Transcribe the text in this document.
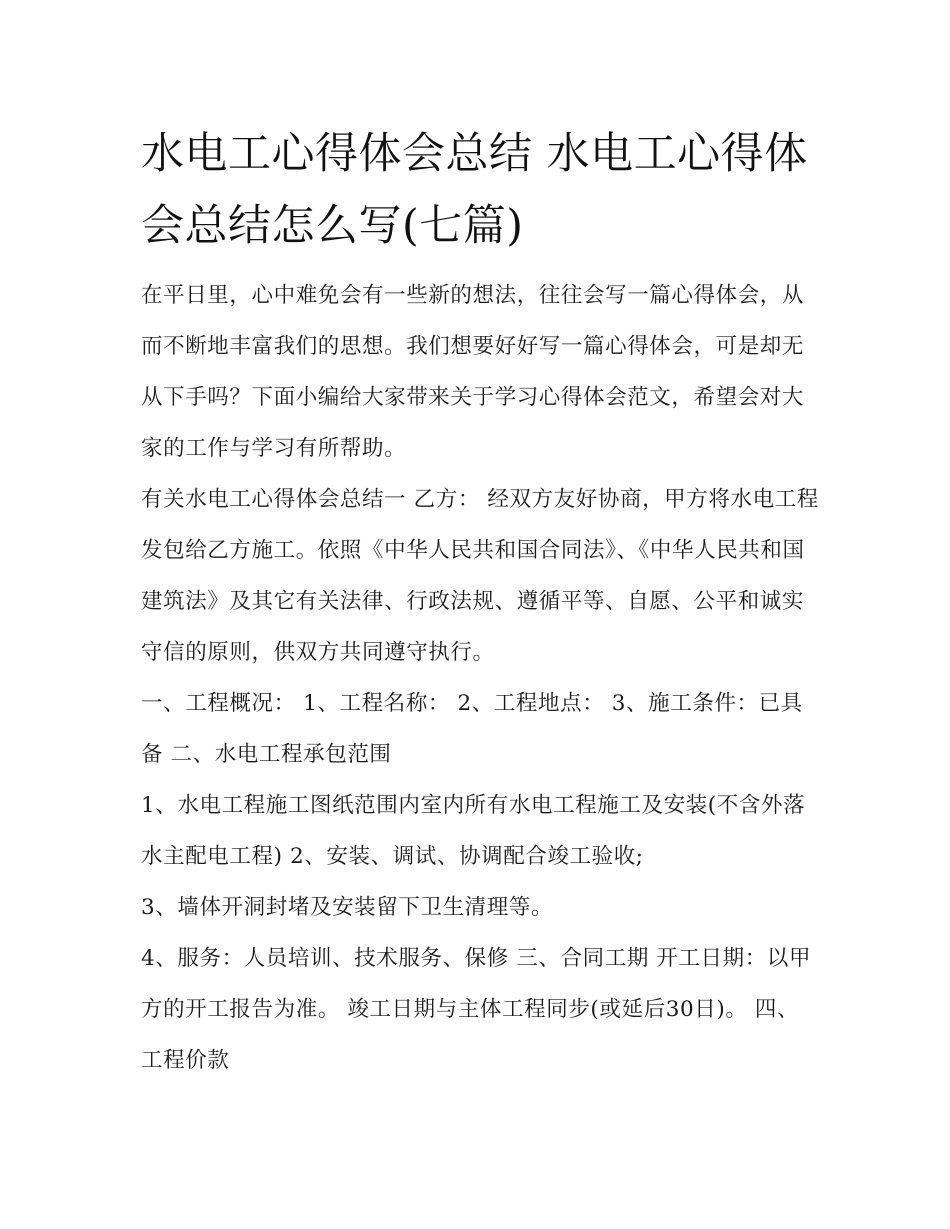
水电工心得体会总结 水电工心得体会总结怎么写(七篇)

在平日里，心中难免会有一些新的想法，往往会写一篇心得体会，从而不断地丰富我们的思想。我们想要好好写一篇心得体会，可是却无从下手吗？下面小编给大家带来关于学习心得体会范文，希望会对大家的工作与学习有所帮助。

有关水电工心得体会总结一 乙方： 经双方友好协商，甲方将水电工程发包给乙方施工。依照《中华人民共和国合同法》、《中华人民共和国建筑法》及其它有关法律、行政法规、遵循平等、自愿、公平和诚实守信的原则，供双方共同遵守执行。

一、工程概况： 1、工程名称： 2、工程地点： 3、施工条件：已具备 二、水电工程承包范围

1、水电工程施工图纸范围内室内所有水电工程施工及安装(不含外落水主配电工程) 2、安装、调试、协调配合竣工验收;

3、墙体开洞封堵及安装留下卫生清理等。

4、服务：人员培训、技术服务、保修 三、合同工期 开工日期：以甲方的开工报告为准。 竣工日期与主体工程同步(或延后30日)。 四、工程价款
